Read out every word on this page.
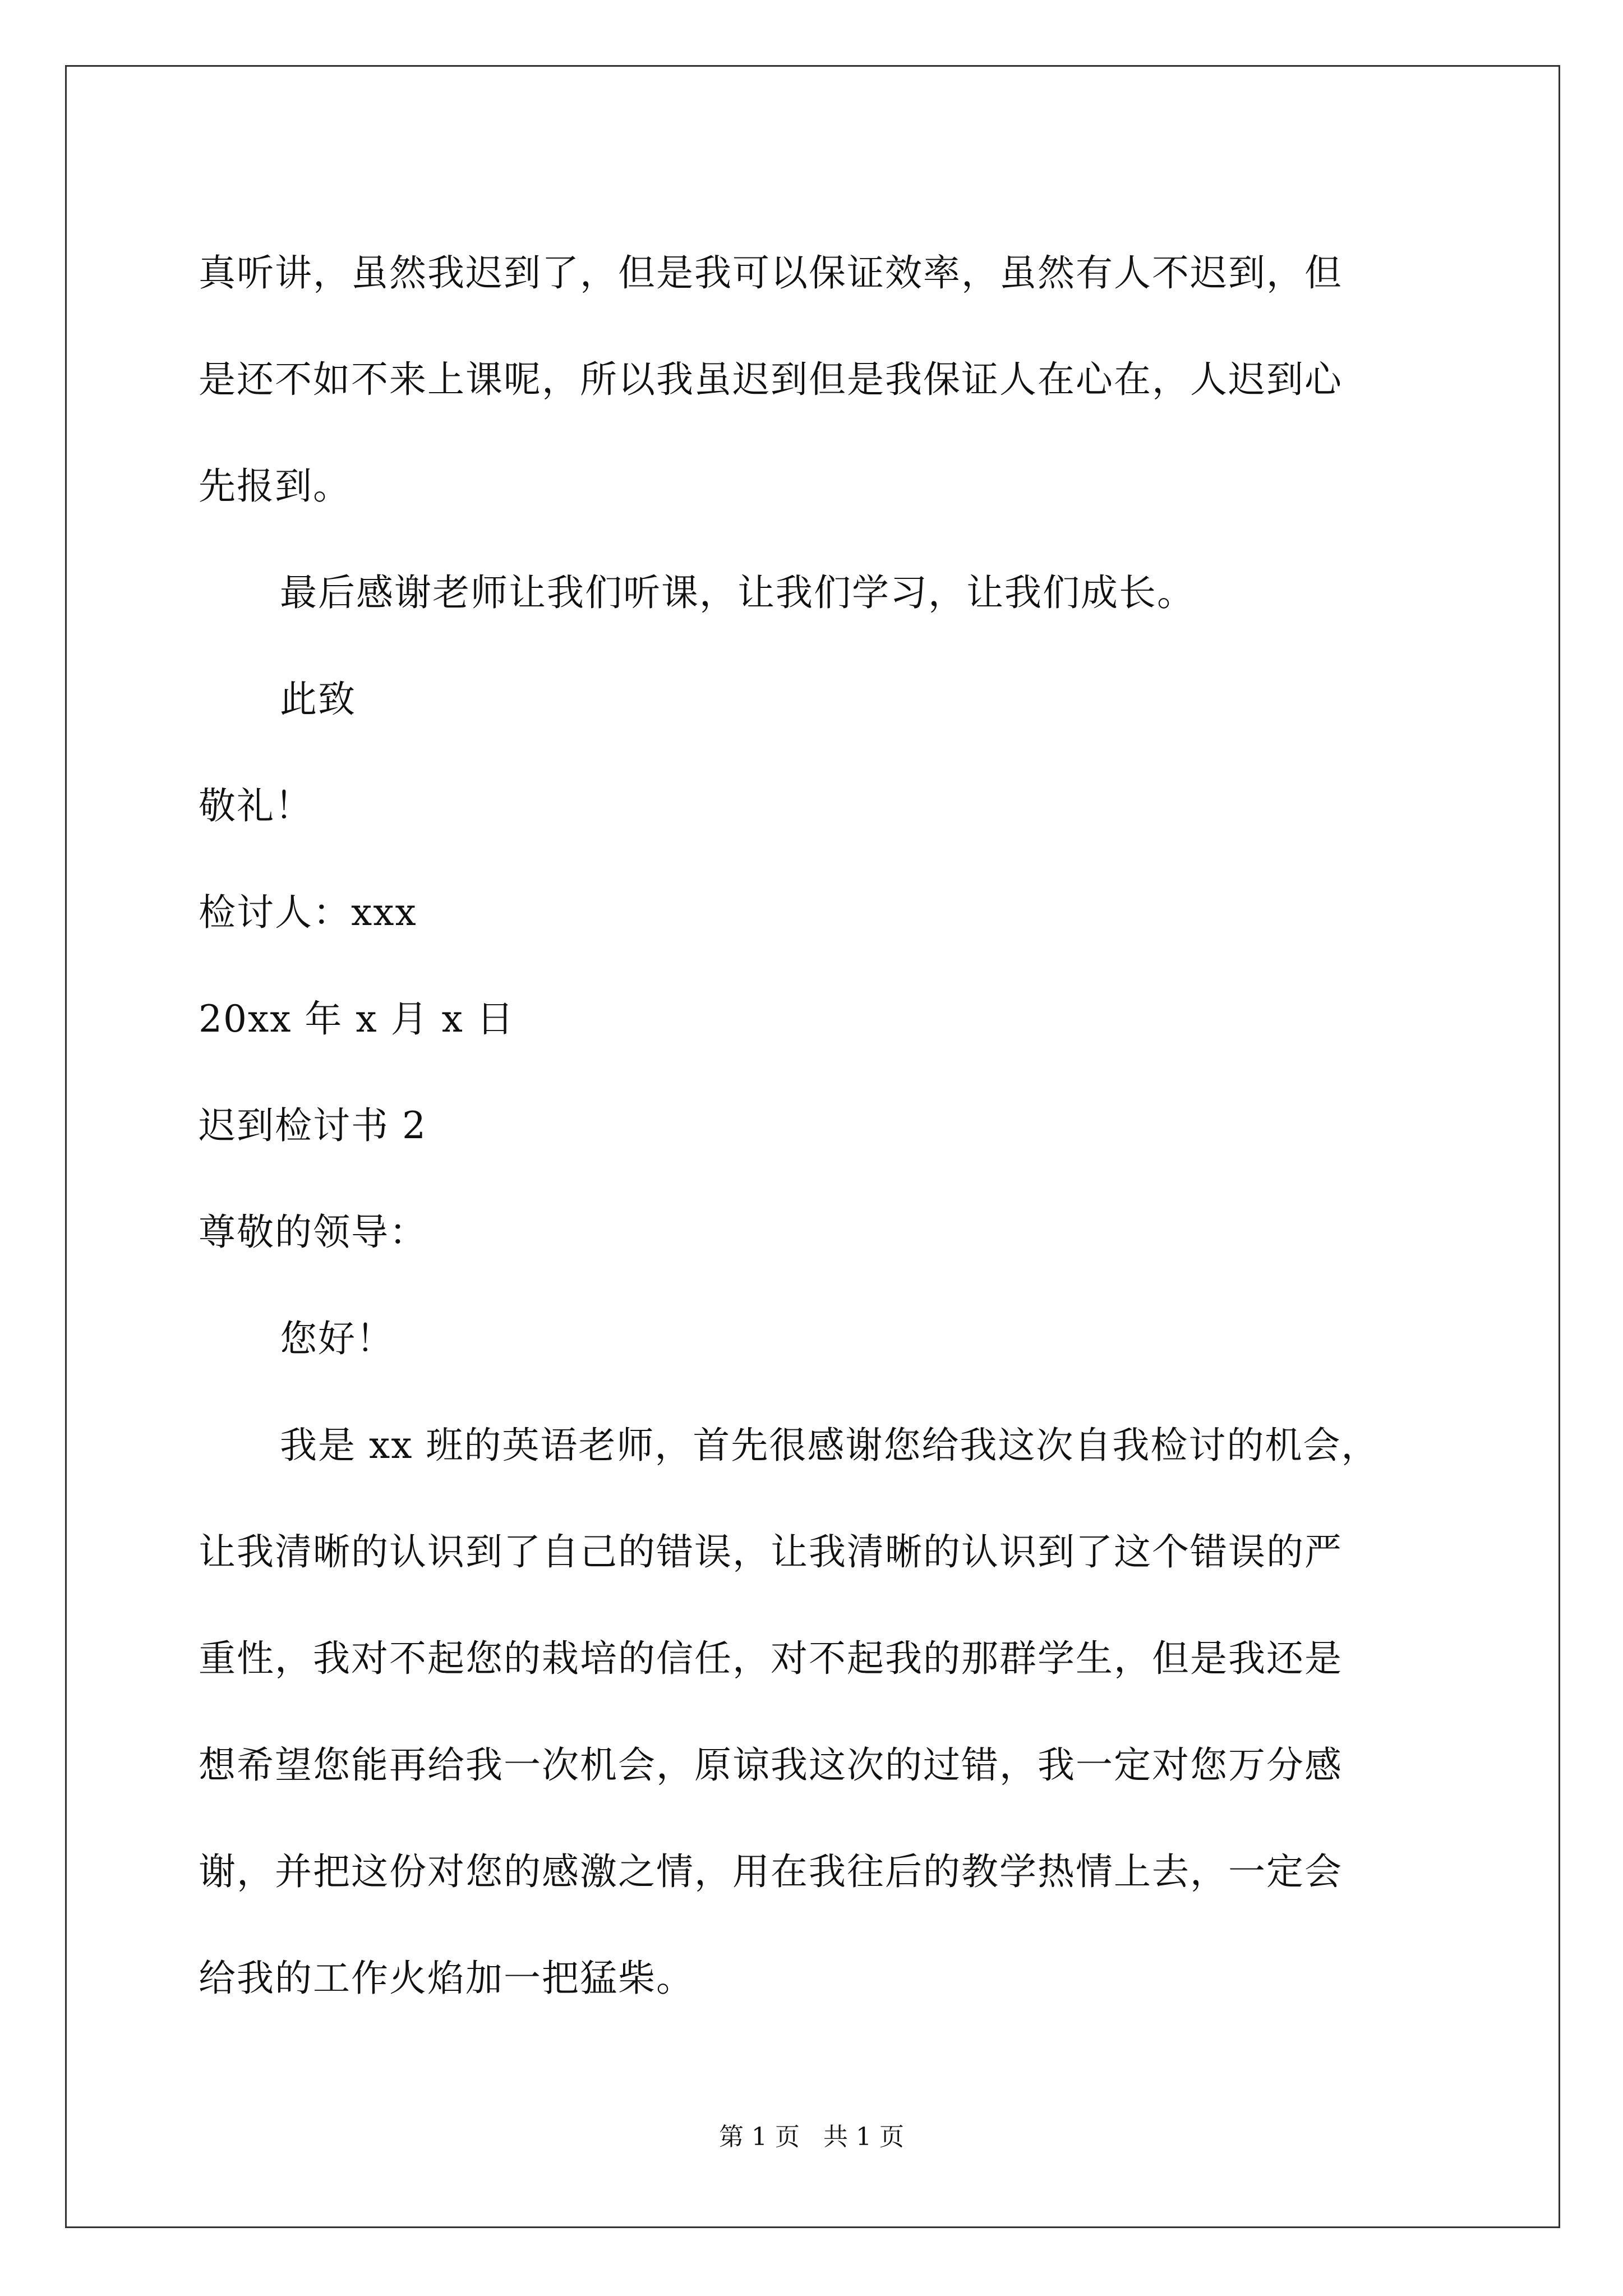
真听讲，虽然我迟到了，但是我可以保证效率，虽然有人不迟到，但
是还不如不来上课呢，所以我虽迟到但是我保证人在心在，人迟到心
先报到。
最后感谢老师让我们听课，让我们学习，让我们成长。
此致
敬礼！
检讨人：xxx
20xx 年 x 月 x 日
迟到检讨书 2
尊敬的领导：
您好！
我是 xx 班的英语老师，首先很感谢您给我这次自我检讨的机会，
让我清晰的认识到了自己的错误，让我清晰的认识到了这个错误的严
重性，我对不起您的栽培的信任，对不起我的那群学生，但是我还是
想希望您能再给我一次机会，原谅我这次的过错，我一定对您万分感
谢，并把这份对您的感激之情，用在我往后的教学热情上去，一定会
给我的工作火焰加一把猛柴。
第 1 页   共 1 页
